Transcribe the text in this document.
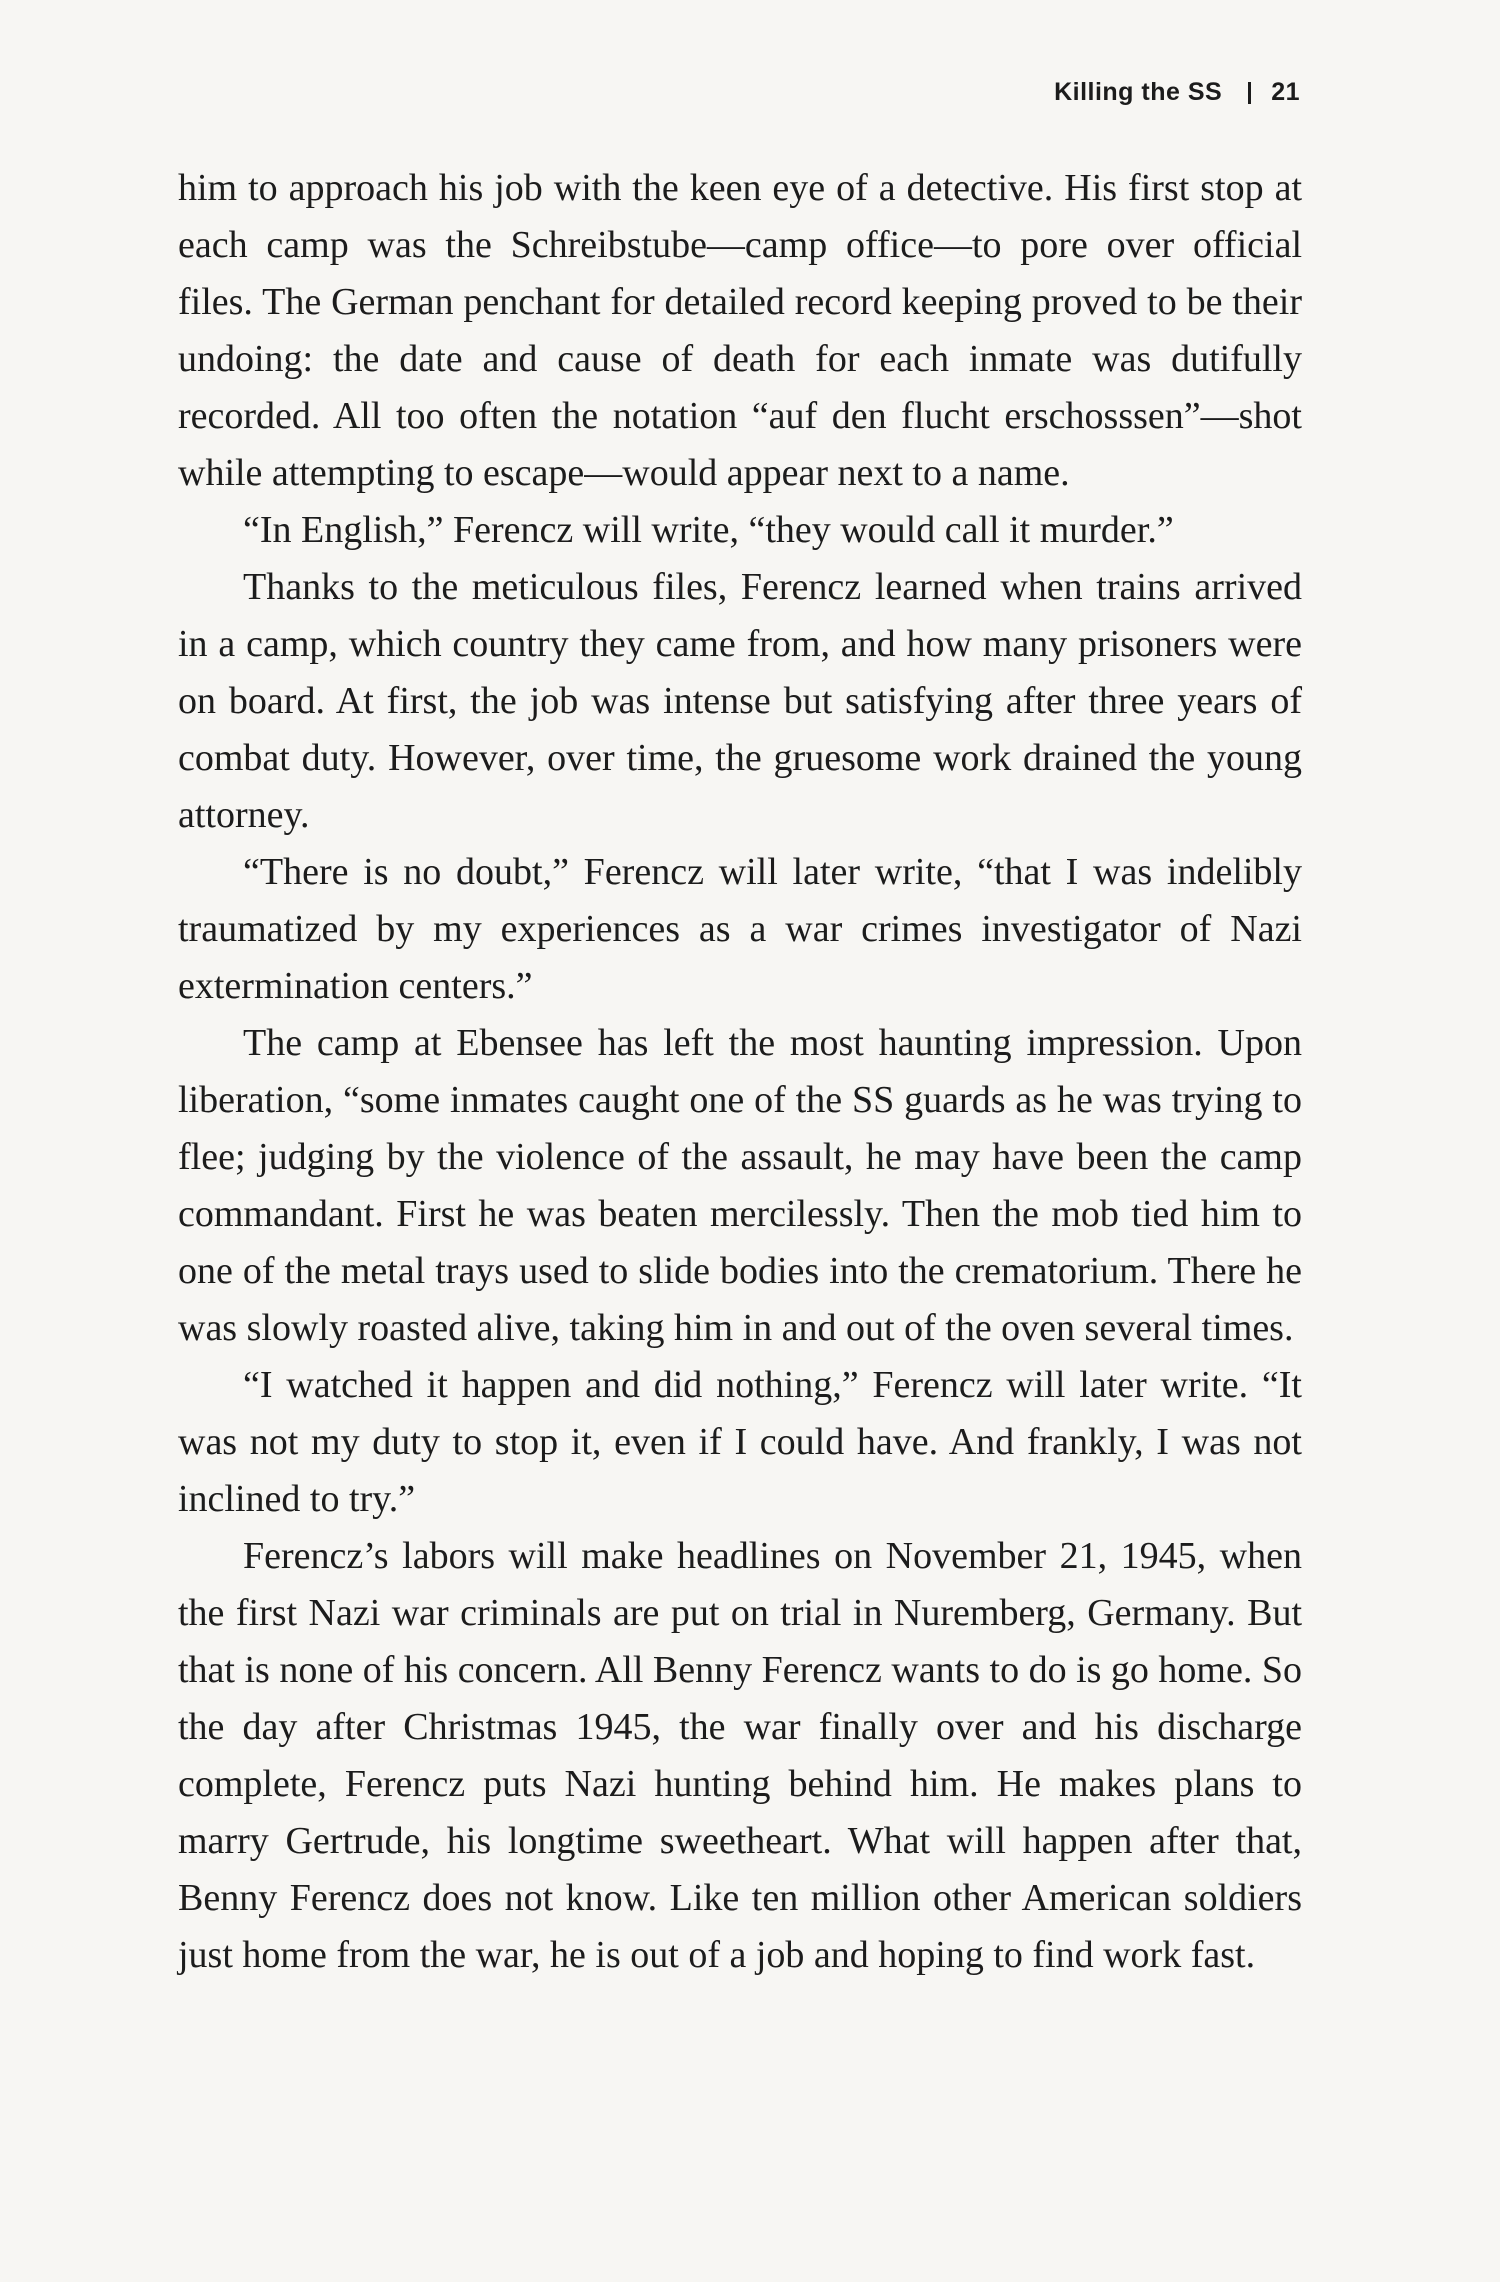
Killing the SS 21

him to approach his job with the keen eye of a detective. His first stop at each camp was the Schreibstube—camp office—to pore over official files. The German penchant for detailed record keeping proved to be their undoing: the date and cause of death for each inmate was dutifully recorded. All too often the notation “auf den flucht erschosssen”—shot while attempting to escape—would appear next to a name.

“In English,” Ferencz will write, “they would call it murder.”

Thanks to the meticulous files, Ferencz learned when trains arrived in a camp, which country they came from, and how many prisoners were on board. At first, the job was intense but satisfying after three years of combat duty. However, over time, the gruesome work drained the young attorney.

“There is no doubt,” Ferencz will later write, “that I was indelibly traumatized by my experiences as a war crimes investigator of Nazi extermination centers.”

The camp at Ebensee has left the most haunting impression. Upon liberation, “some inmates caught one of the SS guards as he was trying to flee; judging by the violence of the assault, he may have been the camp commandant. First he was beaten mercilessly. Then the mob tied him to one of the metal trays used to slide bodies into the crematorium. There he was slowly roasted alive, taking him in and out of the oven several times.

“I watched it happen and did nothing,” Ferencz will later write. “It was not my duty to stop it, even if I could have. And frankly, I was not inclined to try.”

Ferencz’s labors will make headlines on November 21, 1945, when the first Nazi war criminals are put on trial in Nuremberg, Germany. But that is none of his concern. All Benny Ferencz wants to do is go home. So the day after Christmas 1945, the war finally over and his discharge complete, Ferencz puts Nazi hunting behind him. He makes plans to marry Gertrude, his longtime sweetheart. What will happen after that, Benny Ferencz does not know. Like ten million other American soldiers just home from the war, he is out of a job and hoping to find work fast.
